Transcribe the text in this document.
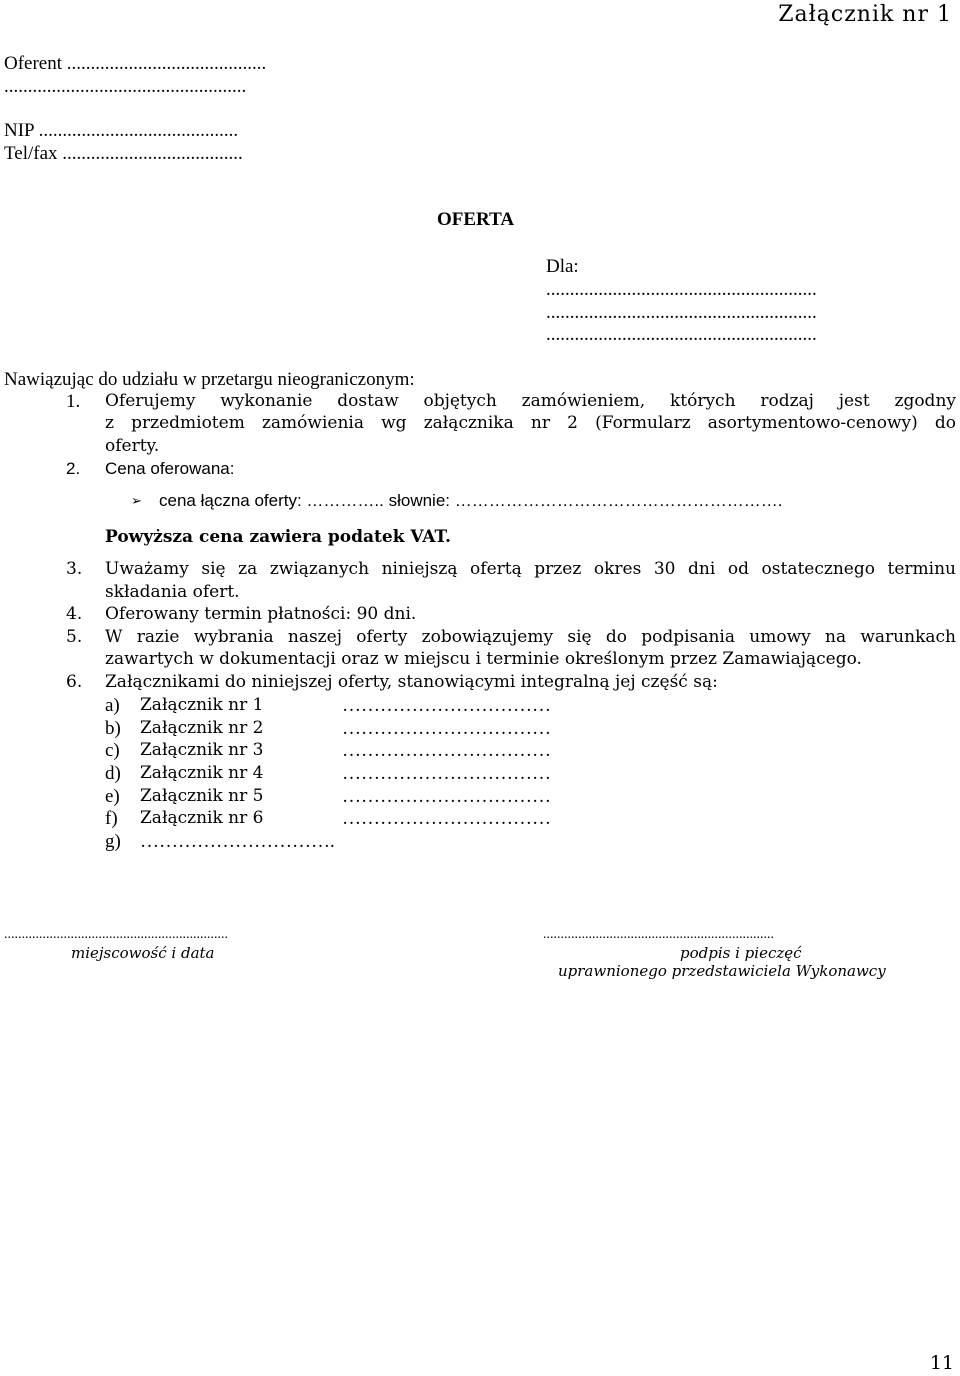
Załącznik nr 1
Oferent ..........................................
...................................................
NIP ..........................................
Tel/fax ......................................
OFERTA
Dla:
.........................................................
.........................................................
.........................................................
Nawiązując do udziału w przetargu nieograniczonym:
1. Oferujemy wykonanie dostaw objętych zamówieniem, których rodzaj jest zgodny
z przedmiotem zamówienia wg załącznika nr 2 (Formularz asortymentowo-cenowy) do
oferty.
2. Cena oferowana:
➢ cena łączna oferty: ………….. słownie: ………………………………………………….
Powyższa cena zawiera podatek VAT.
3. Uważamy się za związanych niniejszą ofertą przez okres 30 dni od ostatecznego terminu
składania ofert.
4. Oferowany termin płatności: 90 dni.
5. W razie wybrania naszej oferty zobowiązujemy się do podpisania umowy na warunkach
zawartych w dokumentacji oraz w miejscu i terminie określonym przez Zamawiającego.
6. Załącznikami do niniejszej oferty, stanowiącymi integralną jej część są:
a) Załącznik nr 1	……………………………
b) Załącznik nr 2	……………………………
c) Załącznik nr 3	……………………………
d) Załącznik nr 4	……………………………
e) Załącznik nr 5	……………………………
f) Załącznik nr 6	……………………………
g) ………………………….
................................................................
miejscowość i data
..................................................................
podpis i pieczęć
uprawnionego przedstawiciela Wykonawcy
11
